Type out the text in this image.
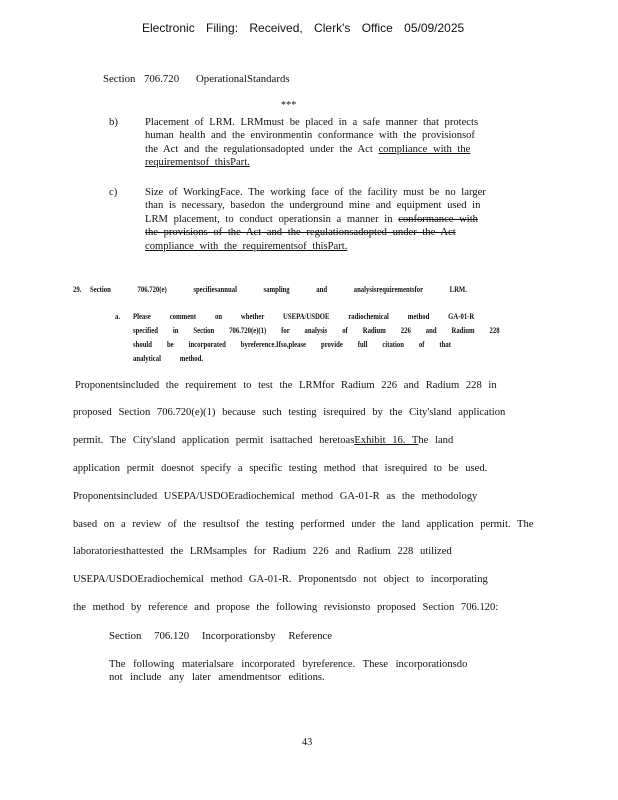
Electronic Filing: Received, Clerk's Office 05/09/2025
Section 706.720 OperationalStandards
***
b)	Placement of LRM. LRMmust be placed in a safe manner that protects
human health and the environmentin conformance with the provisionsof
the Act and the regulationsadopted under the Act compliance with the
requirementsof thisPart.
c)	Size of WorkingFace. The working face of the facility must be no larger
than is necessary, basedon the underground mine and equipment used in
LRM placement, to conduct operationsin a manner in conformance with
the provisions of the Act and the regulationsadopted under the Act
compliance with the requirementsof thisPart.
29. Section 706.720(e) specifiesannual sampling and analysisrequirementsfor LRM.
a. Please comment on whether USEPA/USDOE radiochemical method GA-01-R
specified in Section 706.720(e)(1) for analysis of Radium 226 and Radium 228
should be incorporated byreference.Ifso,please provide full citation of that
analytical method.
Proponentsincluded the requirement to test the LRMfor Radium 226 and Radium 228 in
proposed Section 706.720(e)(1) because such testing isrequired by the City'sland application
permit. The City'sland application permit isattached heretoasExhibit 16. The land
application permit doesnot specify a specific testing method that isrequired to be used.
Proponentsincluded USEPA/USDOEradiochemical method GA-01-R as the methodology
based on a review of the resultsof the testing performed under the land application permit. The
laboratoriesthattested the LRMsamples for Radium 226 and Radium 228 utilized
USEPA/USDOEradiochemical method GA-01-R. Proponentsdo not object to incorporating
the method by reference and propose the following revisionsto proposed Section 706.120:
Section 706.120 Incorporationsby Reference
The following materialsare incorporated byreference. These incorporationsdo
not include any later amendmentsor editions.
43
